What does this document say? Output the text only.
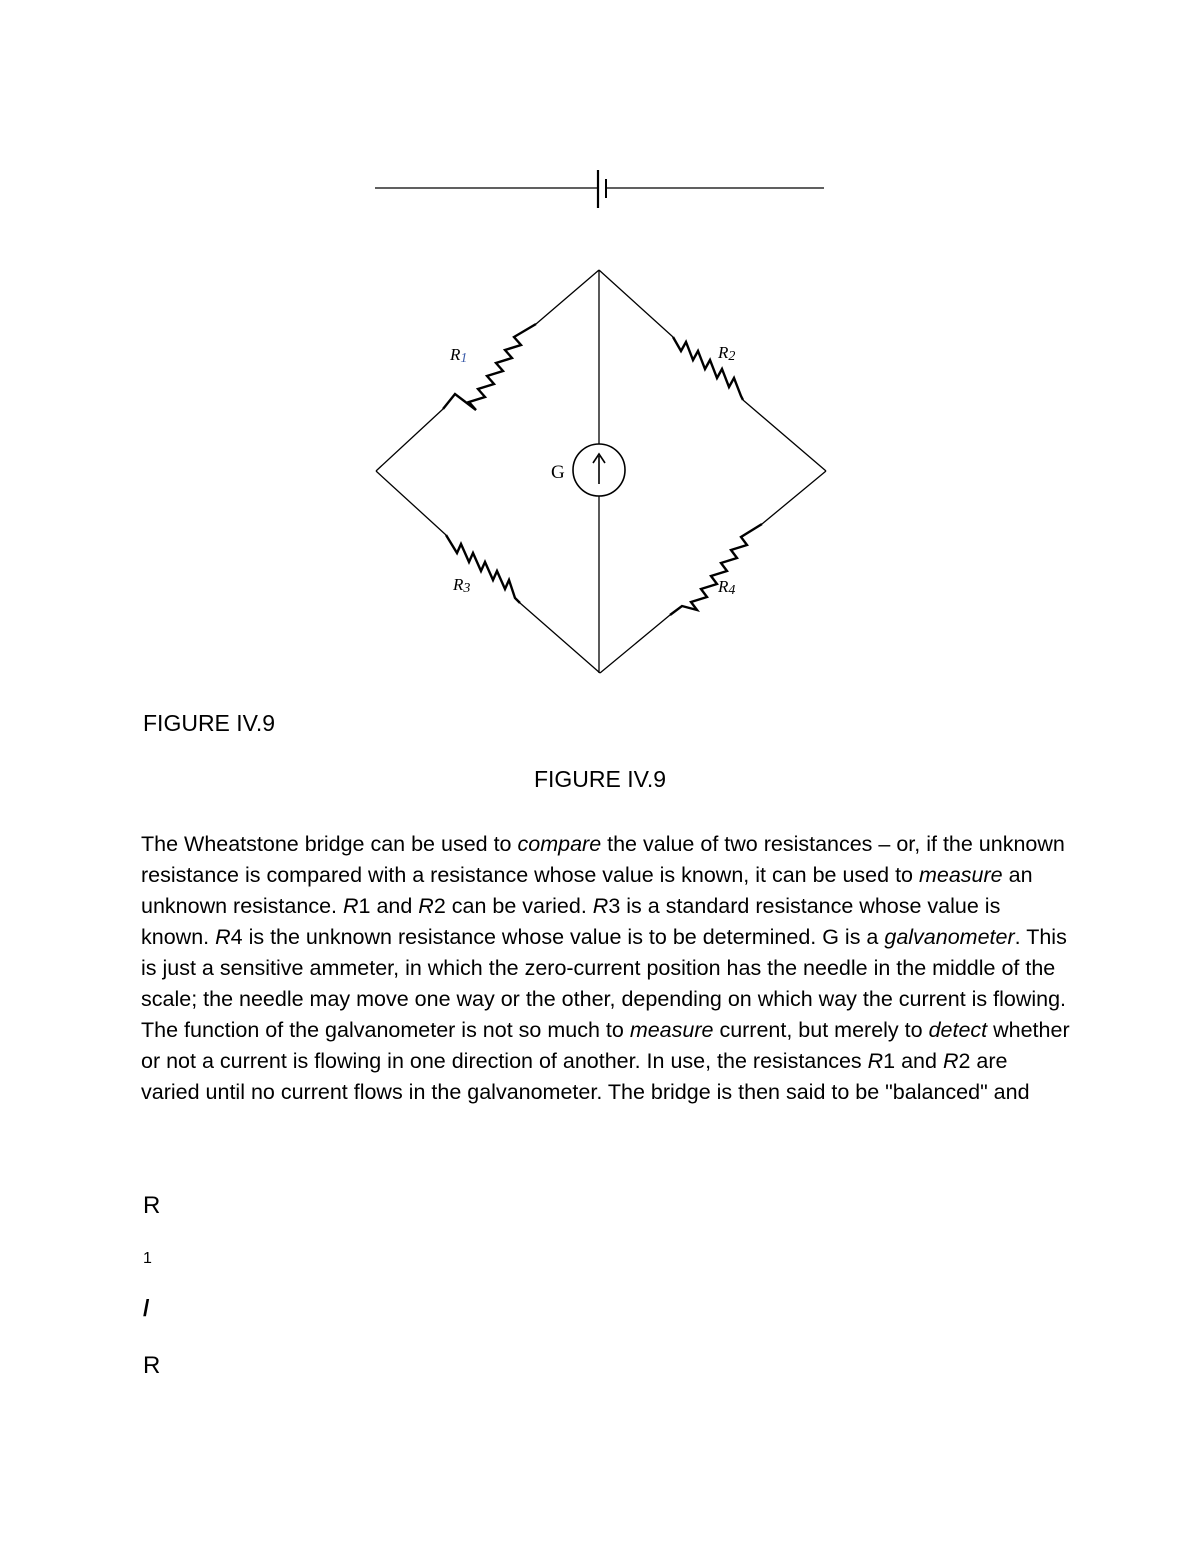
R1	R2
R3	R4
G

FIGURE IV.9

FIGURE IV.9

The Wheatstone bridge can be used to compare the value of two resistances – or, if the unknown resistance is compared with a resistance whose value is known, it can be used to measure an unknown resistance. R1 and R2 can be varied. R3 is a standard resistance whose value is known. R4 is the unknown resistance whose value is to be determined. G is a galvanometer. This is just a sensitive ammeter, in which the zero-current position has the needle in the middle of the scale; the needle may move one way or the other, depending on which way the current is flowing. The function of the galvanometer is not so much to measure current, but merely to detect whether or not a current is flowing in one direction of another. In use, the resistances R1 and R2 are varied until no current flows in the galvanometer. The bridge is then said to be "balanced" and

R

1

/

R
